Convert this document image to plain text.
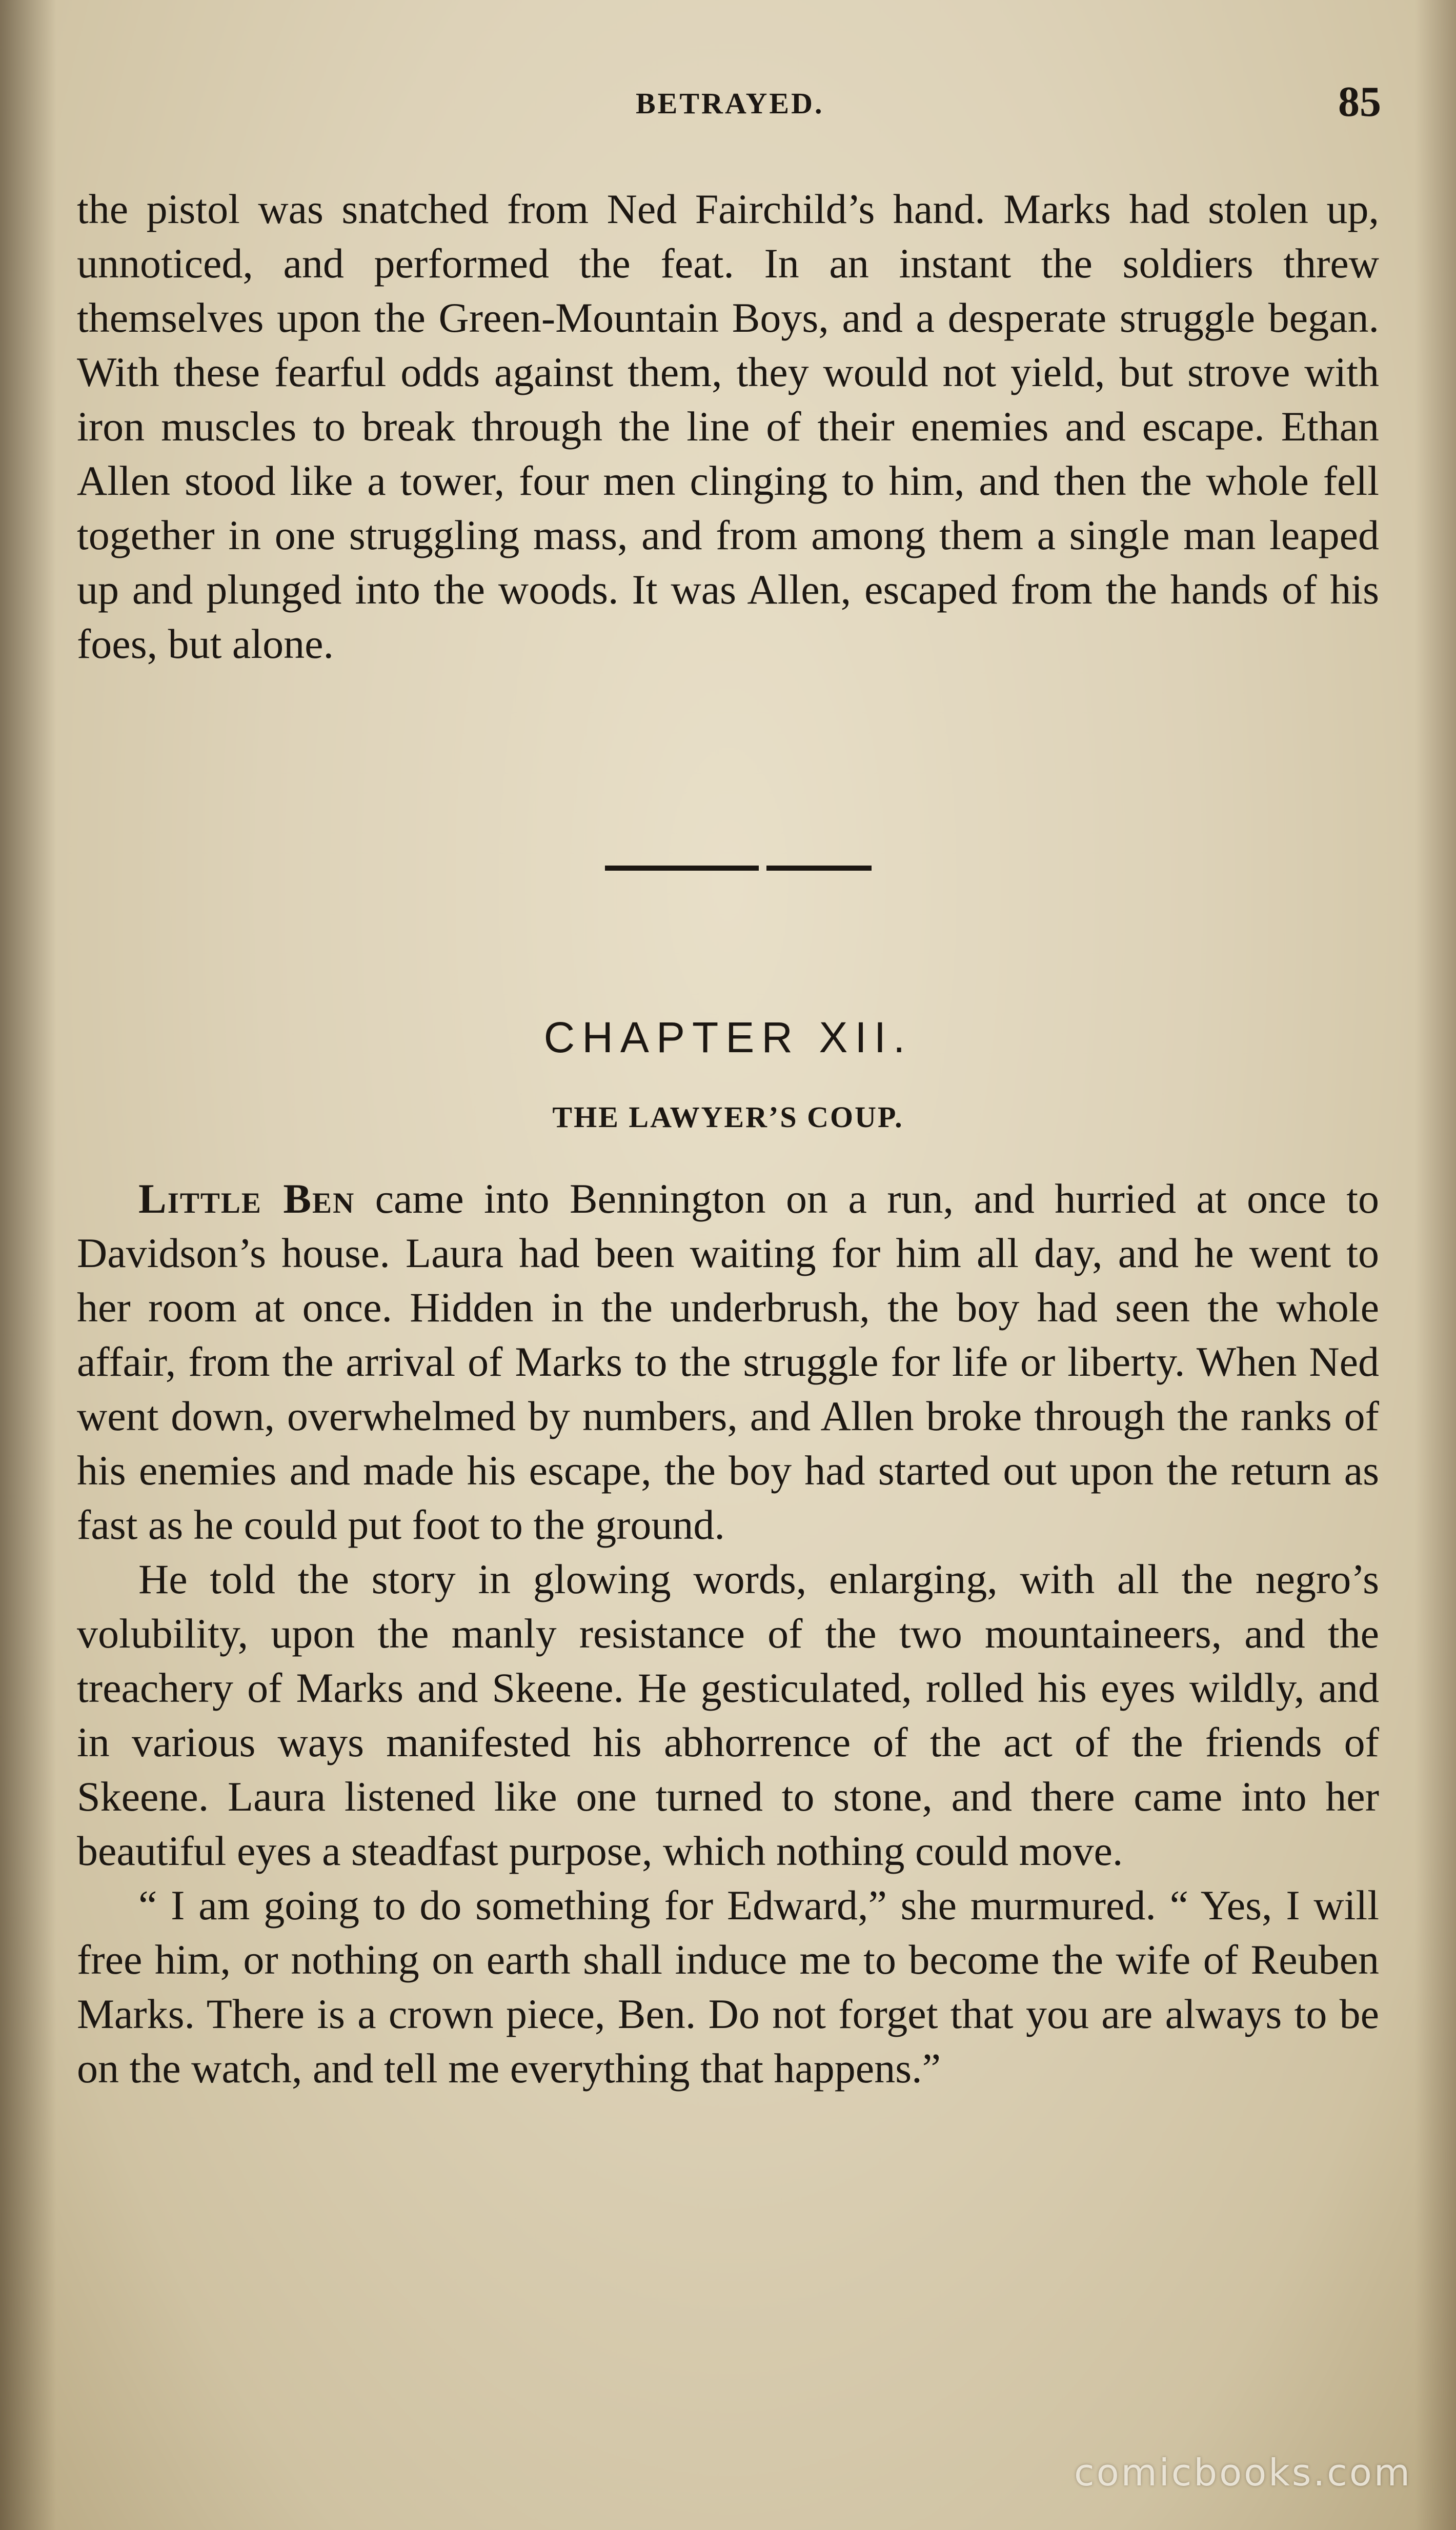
BETRAYED.	85

the pistol was snatched from Ned Fairchild’s hand. Marks had stolen up, unnoticed, and performed the feat. In an instant the soldiers threw themselves upon the Green-Mountain Boys, and a desperate struggle began. With these fearful odds against them, they would not yield, but strove with iron muscles to break through the line of their enemies and escape. Ethan Allen stood like a tower, four men clinging to him, and then the whole fell together in one struggling mass, and from among them a single man leaped up and plunged into the woods. It was Allen, escaped from the hands of his foes, but alone.

CHAPTER XII.
THE LAWYER’S COUP.

Little Ben came into Bennington on a run, and hurried at once to Davidson’s house. Laura had been waiting for him all day, and he went to her room at once. Hidden in the underbrush, the boy had seen the whole affair, from the arrival of Marks to the struggle for life or liberty. When Ned went down, overwhelmed by numbers, and Allen broke through the ranks of his enemies and made his escape, the boy had started out upon the return as fast as he could put foot to the ground.

He told the story in glowing words, enlarging, with all the negro’s volubility, upon the manly resistance of the two mountaineers, and the treachery of Marks and Skeene. He gesticulated, rolled his eyes wildly, and in various ways manifested his abhorrence of the act of the friends of Skeene. Laura listened like one turned to stone, and there came into her beautiful eyes a steadfast purpose, which nothing could move.

“ I am going to do something for Edward,” she murmured. “ Yes, I will free him, or nothing on earth shall induce me to become the wife of Reuben Marks. There is a crown piece, Ben. Do not forget that you are always to be on the watch, and tell me everything that happens.”

comicbooks.com
